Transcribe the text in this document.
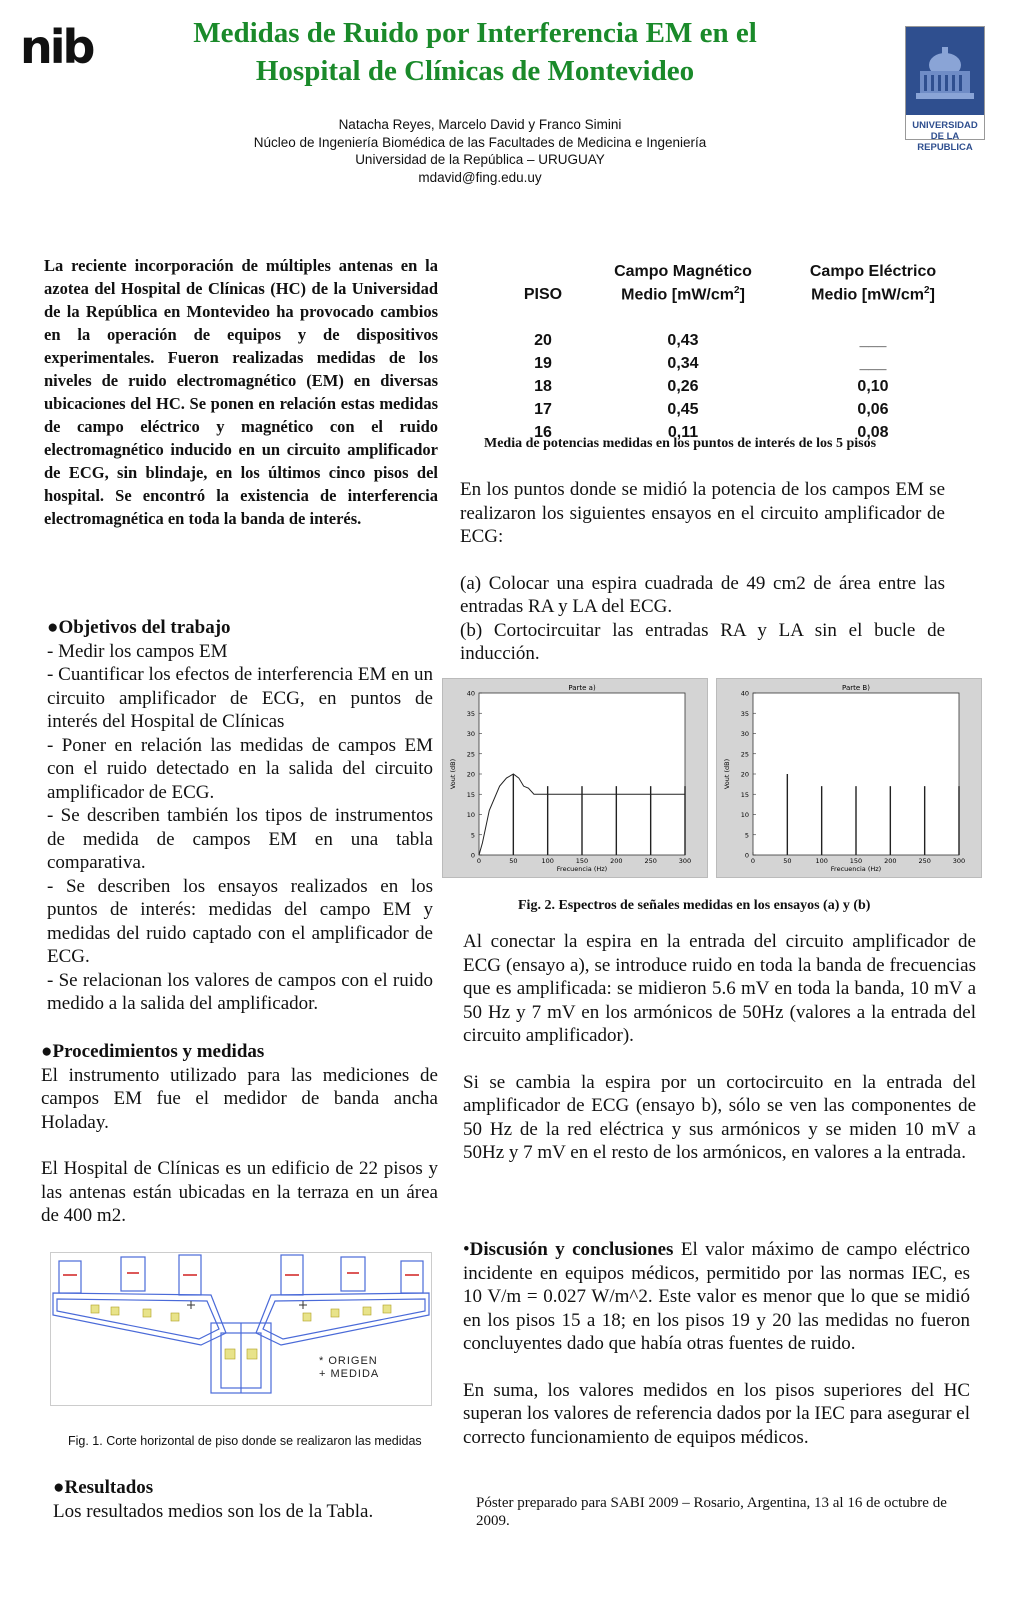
nib	Medidas de Ruido por Interferencia EM en el
Hospital de Clínicas de Montevideo
Natacha Reyes, Marcelo David y Franco Simini
Núcleo de Ingeniería Biomédica de las Facultades de Medicina e Ingeniería
Universidad de la República – URUGUAY
mdavid@fing.edu.uy
UNIVERSIDAD
DE LA REPUBLICA
La reciente incorporación de múltiples antenas en la azotea del Hospital de Clínicas (HC) de la Universidad de la República en Montevideo ha provocado cambios en la operación de equipos y de dispositivos experimentales. Fueron realizadas medidas de los niveles de ruido electromagnético (EM) en diversas ubicaciones del HC. Se ponen en relación estas medidas de campo eléctrico y magnético con el ruido electromagnético inducido en un circuito amplificador de ECG, sin blindaje, en los últimos cinco pisos del hospital. Se encontró la existencia de interferencia electromagnética en toda la banda de interés.
●Objetivos del trabajo
- Medir los campos EM
- Cuantificar los efectos de interferencia EM en un circuito amplificador de ECG, en puntos de interés del Hospital de Clínicas
- Poner en relación las medidas de campos EM con el ruido detectado en la salida del circuito amplificador de ECG.
- Se describen también los tipos de instrumentos de medida de campos EM en una tabla comparativa.
- Se describen los ensayos realizados en los puntos de interés: medidas del campo EM y medidas del ruido captado con el amplificador de ECG.
- Se relacionan los valores de campos con el ruido medido a la salida del amplificador.
●Procedimientos y medidas
El instrumento utilizado para las mediciones de campos EM fue el medidor de banda ancha Holaday.
El Hospital de Clínicas es un edificio de 22 pisos y las antenas están ubicadas en la terraza en un área de 400 m2.
* ORIGEN
+ MEDIDA
Fig. 1. Corte horizontal de piso donde se realizaron las medidas
●Resultados
Los resultados medios son los de la Tabla.
	Campo Magnético	Campo Eléctrico
PISO	Medio $[mW/cm^2]$	Medio $[mW/cm^2]$

20	0,43	___
19	0,34	___
18	0,26	0,10
17	0,45	0,06
16	0,11	0,08
Media de potencias medidas en los puntos de interés de los 5 pisos
En los puntos donde se midió la potencia de los campos EM se realizaron los siguientes ensayos en el circuito amplificador de ECG:
(a) Colocar una espira cuadrada de 49 cm2 de área entre las entradas RA y LA del ECG.
(b) Cortocircuitar las entradas RA y LA sin el bucle de inducción.
Parte a)
0
5
10
15
20
25
30
35
40
0	50	100	150	200	250	300
Frecuencia (Hz)
Vout (dB)
Parte B)
0
5
10
15
20
25
30
35
40
0	50	100	150	200	250	300
Frecuencia (Hz)
Vout (dB)
Fig. 2. Espectros de señales medidas en los ensayos (a) y (b)
Al conectar la espira en la entrada del circuito amplificador de ECG (ensayo a), se introduce ruido en toda la banda de frecuencias que es amplificada: se midieron 5.6 mV en toda la banda, 10 mV a 50 Hz y 7 mV en los armónicos de 50Hz (valores a la entrada del circuito amplificador).
Si se cambia la espira por un cortocircuito en la entrada del amplificador de ECG (ensayo b), sólo se ven las componentes de 50 Hz de la red eléctrica y sus armónicos y se miden 10 mV a 50Hz y 7 mV en el resto de los armónicos, en valores a la entrada.
•Discusión y conclusiones El valor máximo de campo eléctrico incidente en equipos médicos, permitido por las normas IEC, es 10 V/m = 0.027 W/m^2. Este valor es menor que lo que se midió en los pisos 15 a 18; en los pisos 19 y 20 las medidas no fueron concluyentes dado que había otras fuentes de ruido.
En suma, los valores medidos en los pisos superiores del HC superan los valores de referencia dados por la IEC para asegurar el correcto funcionamiento de equipos médicos.
Póster preparado para SABI 2009 – Rosario, Argentina, 13 al 16 de octubre de 2009.
